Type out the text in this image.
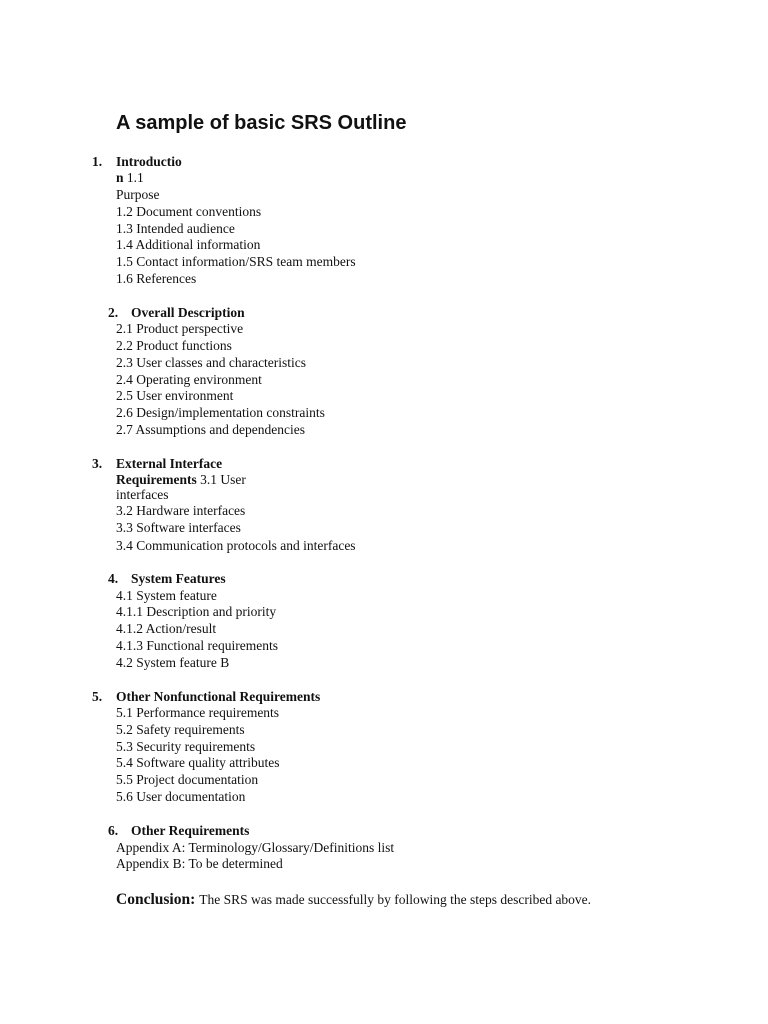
A sample of basic SRS Outline
1. Introductio
n 1.1
Purpose
1.2 Document conventions
1.3 Intended audience
1.4 Additional information
1.5 Contact information/SRS team members
1.6 References
2. Overall Description
2.1 Product perspective
2.2 Product functions
2.3 User classes and characteristics
2.4 Operating environment
2.5 User environment
2.6 Design/implementation constraints
2.7 Assumptions and dependencies
3. External Interface
Requirements 3.1 User
interfaces
3.2 Hardware interfaces
3.3 Software interfaces
3.4 Communication protocols and interfaces
4. System Features
4.1 System feature
4.1.1 Description and priority
4.1.2 Action/result
4.1.3 Functional requirements
4.2 System feature B
5. Other Nonfunctional Requirements
5.1 Performance requirements
5.2 Safety requirements
5.3 Security requirements
5.4 Software quality attributes
5.5 Project documentation
5.6 User documentation
6. Other Requirements
Appendix A: Terminology/Glossary/Definitions list
Appendix B: To be determined
Conclusion: The SRS was made successfully by following the steps described above.
